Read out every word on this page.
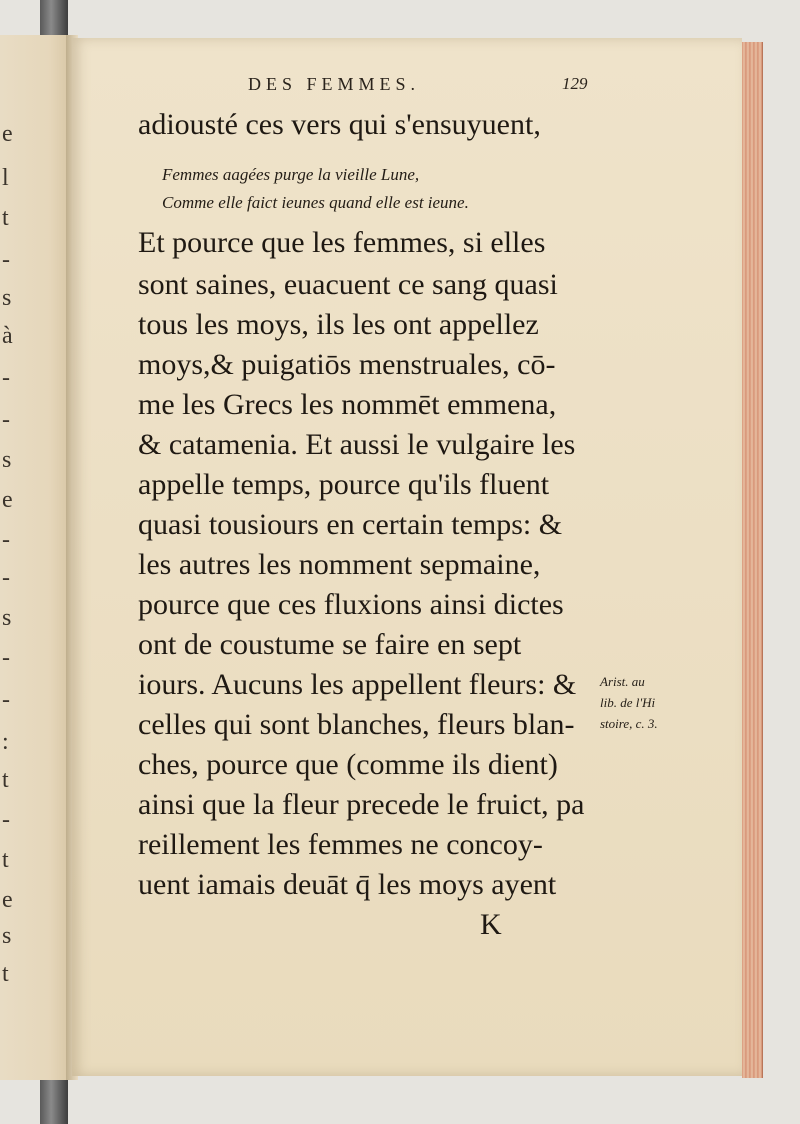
e
l
t
-
s
à
-
-
s
e
-
-
s
-
-
:
t
-
t
e
s
t
DES FEMMES.	129
adiousté ces vers qui s'ensuyuent,
Femmes aagées purge la vieille Lune,
Comme elle faict ieunes quand elle est ieune.
Et pource que les femmes, si elles
sont saines, euacuent ce sang quasi
tous les moys, ils les ont appellez
moys,& puigatiōs menstruales, cō-
me les Grecs les nommēt emmena,
& catamenia. Et aussi le vulgaire les
appelle temps, pource qu'ils fluent
quasi tousiours en certain temps: &
les autres les nomment sepmaine,
pource que ces fluxions ainsi dictes
ont de coustume se faire en sept
iours. Aucuns les appellent fleurs: &
celles qui sont blanches, fleurs blan-
ches, pource que (comme ils dient)
ainsi que la fleur precede le fruict, pa
reillement les femmes ne concoy-
uent iamais deuāt q̄ les moys ayent
Arist. au
lib. de l'Hi
stoire, c. 3.
K
